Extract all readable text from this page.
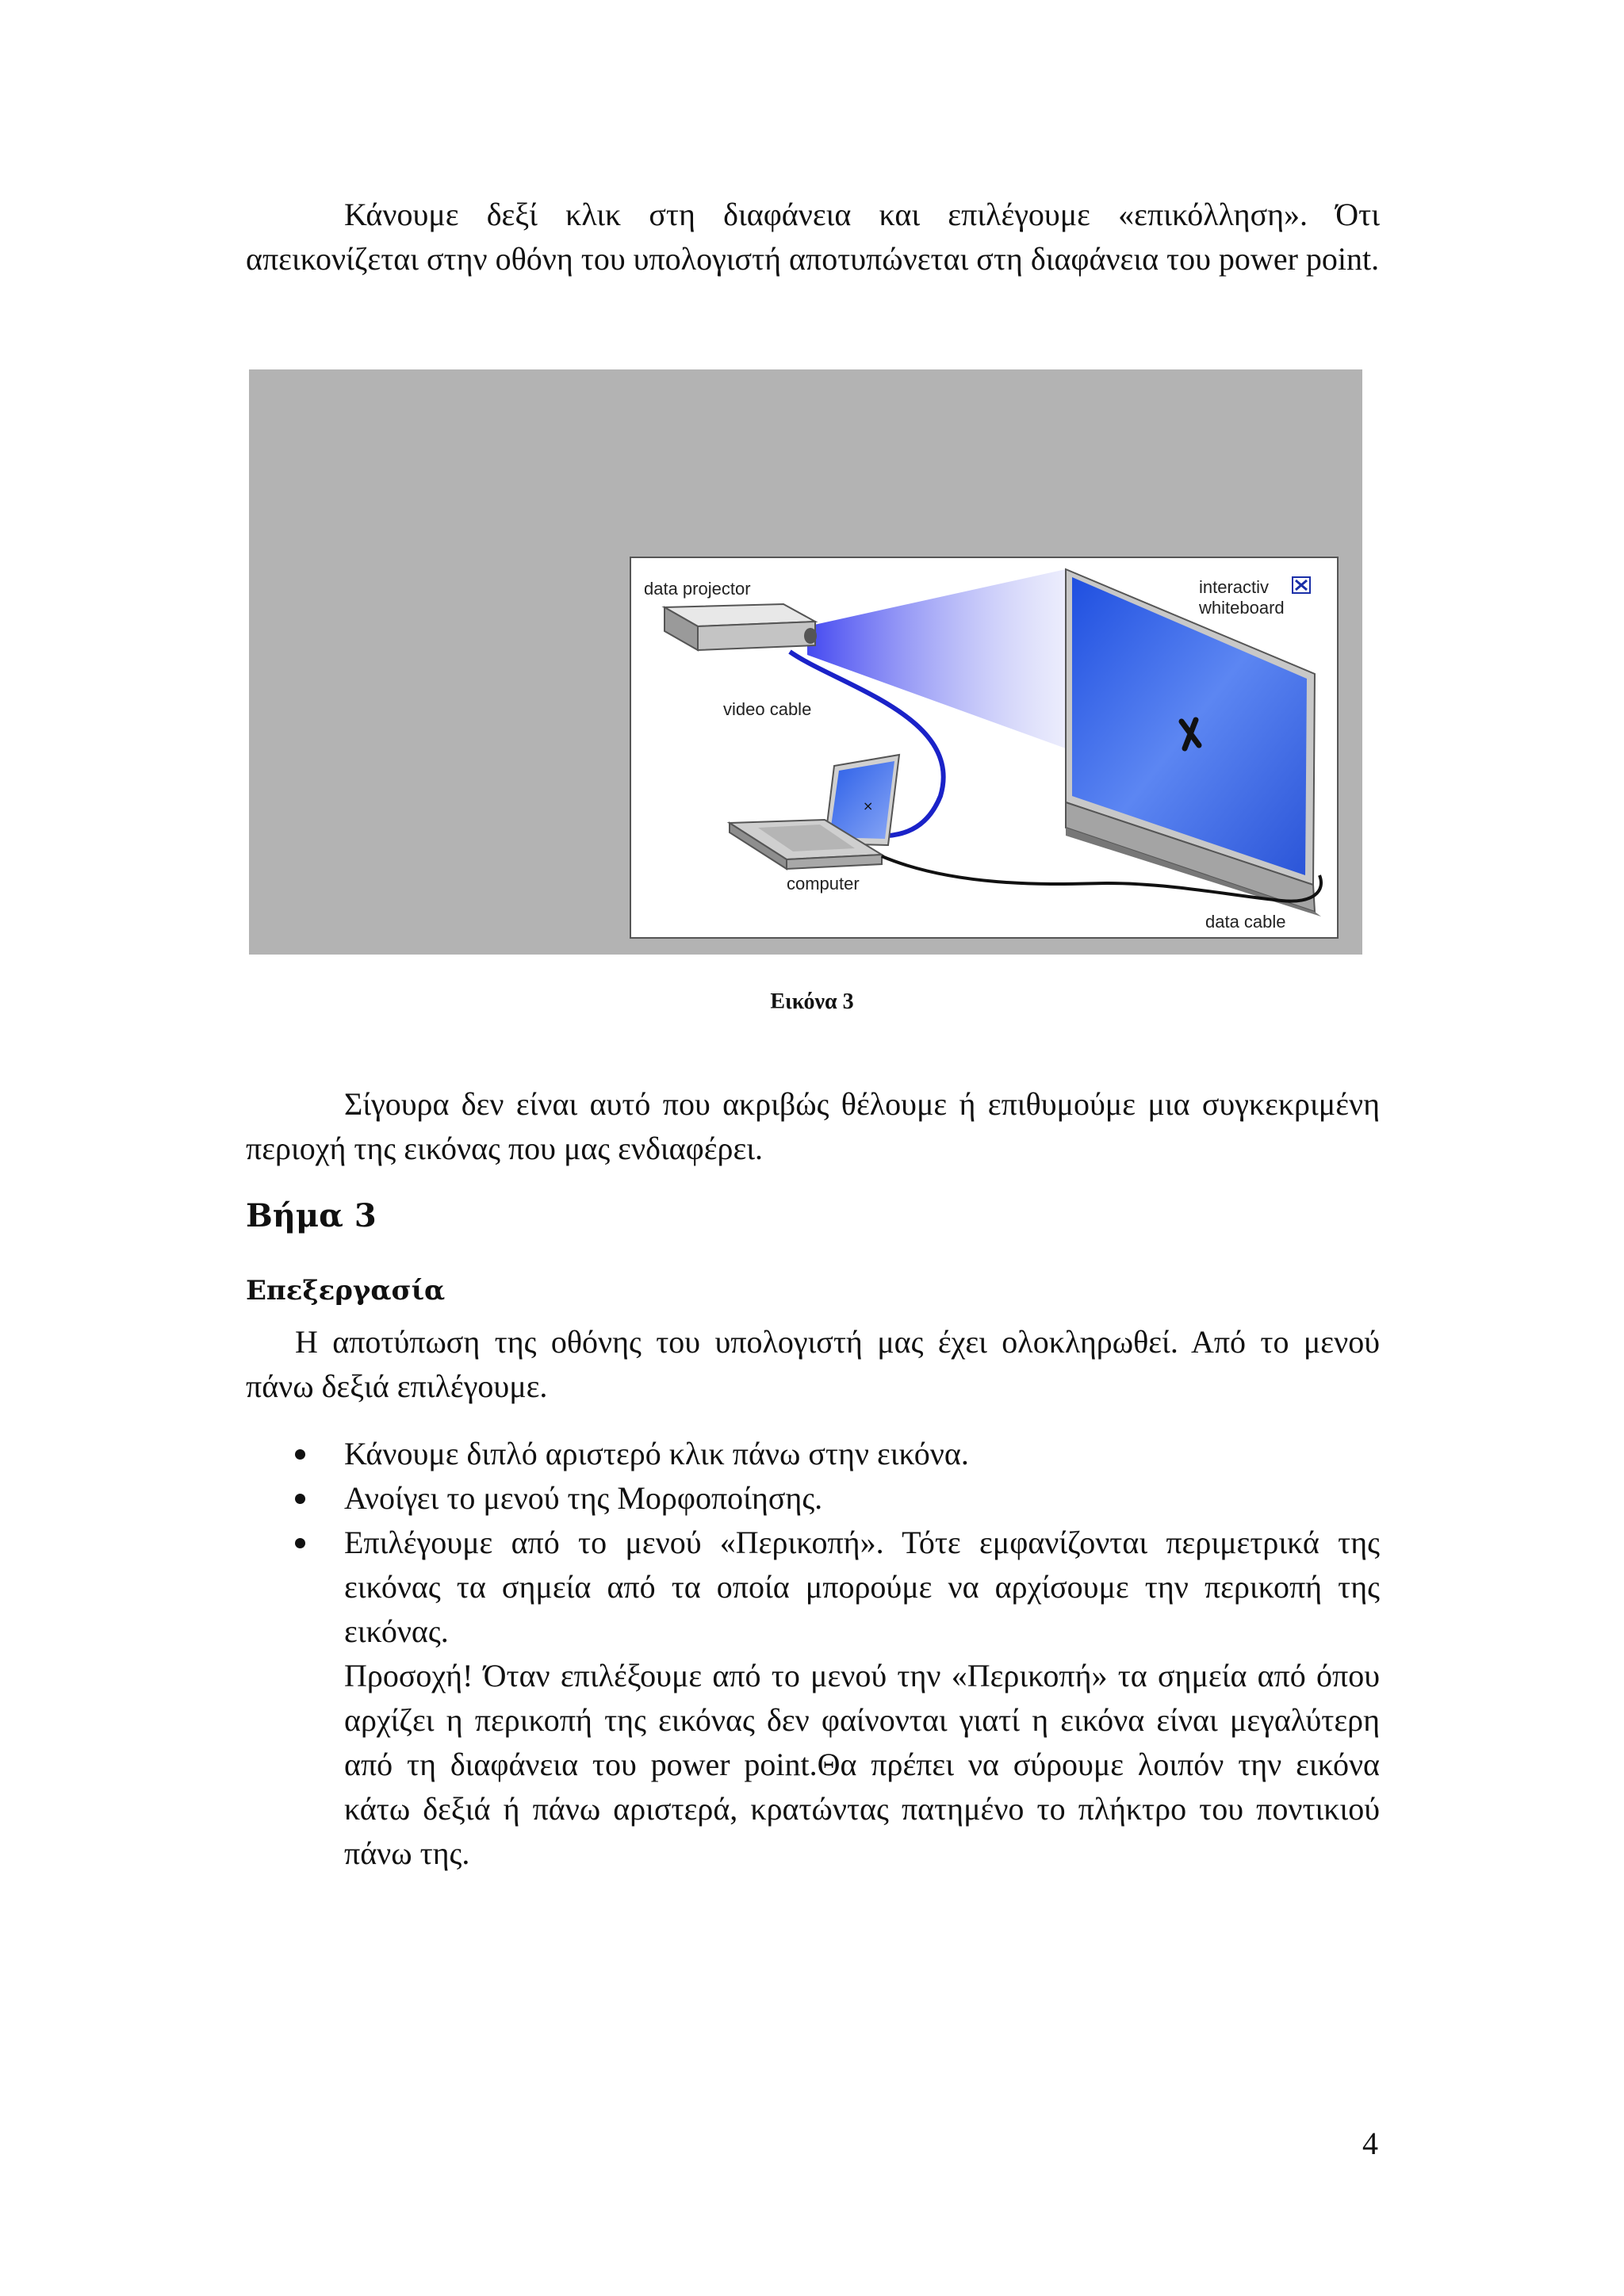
Κάνουμε δεξί κλικ στη διαφάνεια και επιλέγουμε «επικόλληση». Ότι απεικονίζεται στην οθόνη του υπολογιστή αποτυπώνεται στη διαφάνεια του power point.

data projector
video cable
×
computer
interactiv
whiteboard
data cable
Εικόνα 3

Σίγουρα δεν είναι αυτό που ακριβώς θέλουμε ή επιθυμούμε μια συγκεκριμένη περιοχή της εικόνας που μας ενδιαφέρει.

Βήμα 3
Επεξεργασία

Η αποτύπωση της οθόνης του υπολογιστή μας έχει ολοκληρωθεί. Από το μενού πάνω δεξιά επιλέγουμε.

Κάνουμε διπλό αριστερό κλικ πάνω στην εικόνα.
Ανοίγει το μενού της Μορφοποίησης.
Επιλέγουμε από το μενού «Περικοπή». Τότε εμφανίζονται περιμετρικά της εικόνας τα σημεία από τα οποία μπορούμε να αρχίσουμε την περικοπή της εικόνας.
Προσοχή! Όταν επιλέξουμε από το μενού την «Περικοπή» τα σημεία από όπου αρχίζει η περικοπή της εικόνας δεν φαίνονται γιατί η εικόνα είναι μεγαλύτερη από τη διαφάνεια του power point.Θα πρέπει να σύρουμε λοιπόν την εικόνα κάτω δεξιά ή πάνω αριστερά, κρατώντας πατημένο το πλήκτρο του ποντικιού πάνω της.
4
